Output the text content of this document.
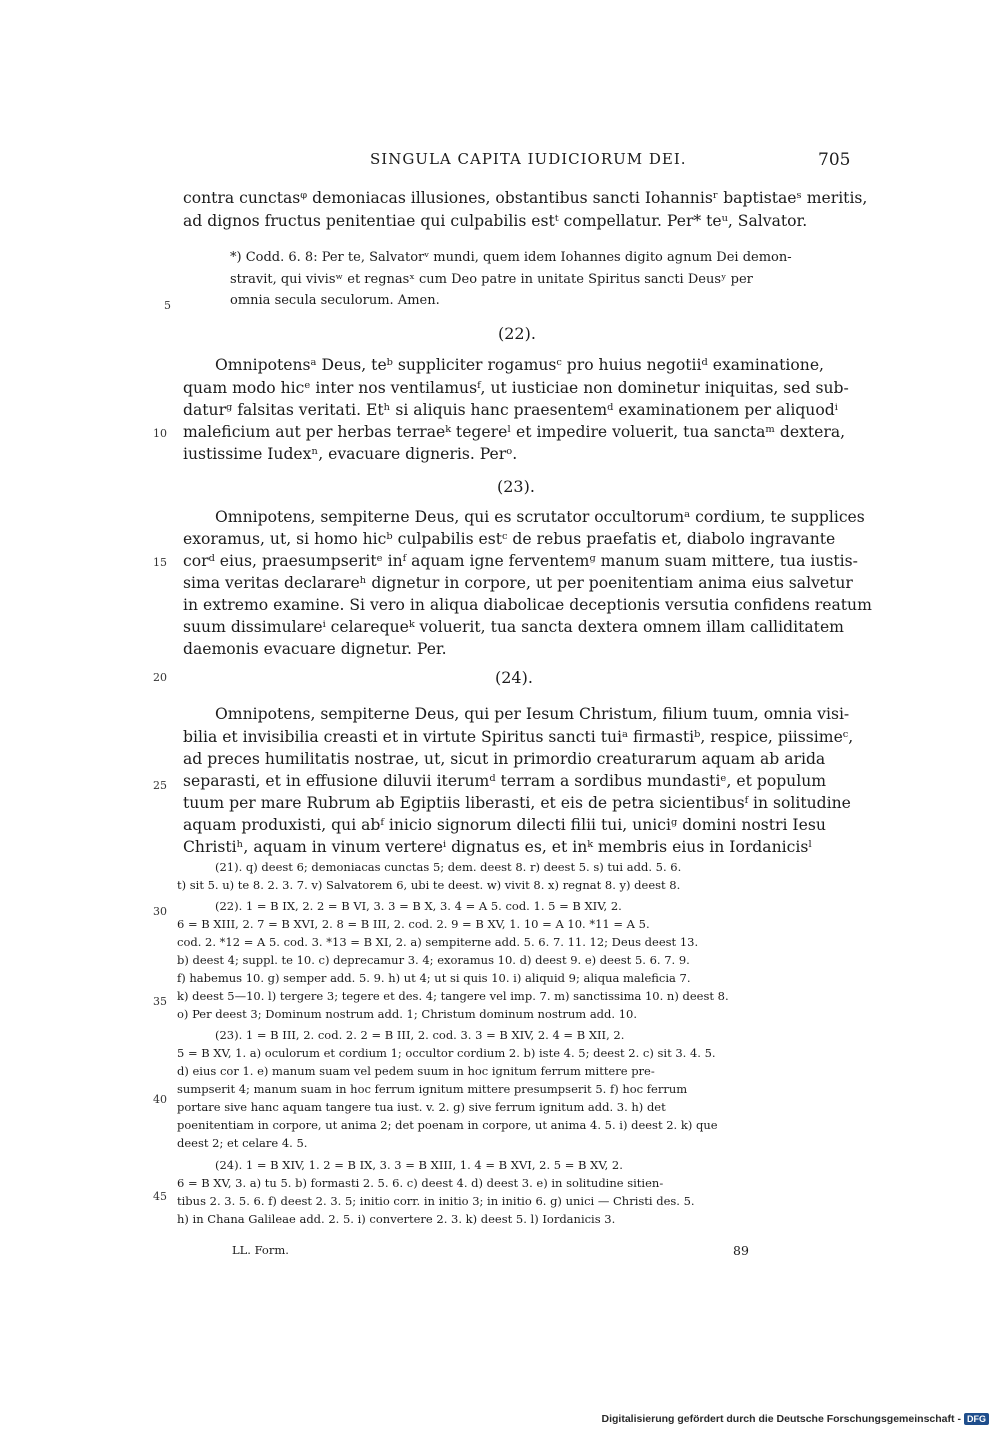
SINGULA CAPITA IUDICIORUM DEI.	705
contra cunctasᵠ demoniacas illusiones, obstantibus sancti Iohannisʳ baptistaeˢ meritis,
ad dignos fructus penitentiae qui culpabilis estᵗ compellatur. Per* teᵘ, Salvator.
*) Codd. 6. 8: Per te, Salvatorᵛ mundi, quem idem Iohannes digito agnum Dei demon-
stravit, qui vivisʷ et regnasˣ cum Deo patre in unitate Spiritus sancti Deusʸ per
omnia secula seculorum. Amen.
(22).
Omnipotensᵃ Deus, teᵇ suppliciter rogamusᶜ pro huius negotiiᵈ examinatione,
quam modo hicᵉ inter nos ventilamusᶠ, ut iusticiae non dominetur iniquitas, sed sub-
daturᵍ falsitas veritati. Etʰ si aliquis hanc praesentemᵈ examinationem per aliquodⁱ
maleficium aut per herbas terraeᵏ tegereˡ et impedire voluerit, tua sanctaᵐ dextera,
iustissime Iudexⁿ, evacuare digneris. Perᵒ.
(23).
Omnipotens, sempiterne Deus, qui es scrutator occultorumᵃ cordium, te supplices
exoramus, ut, si homo hicᵇ culpabilis estᶜ de rebus praefatis et, diabolo ingravante
corᵈ eius, praesumpseritᵉ inᶠ aquam igne ferventemᵍ manum suam mittere, tua iustis-
sima veritas declarareʰ dignetur in corpore, ut per poenitentiam anima eius salvetur
in extremo examine. Si vero in aliqua diabolicae deceptionis versutia confidens reatum
suum dissimulareⁱ celarequeᵏ voluerit, tua sancta dextera omnem illam calliditatem
daemonis evacuare dignetur. Per.
(24).
Omnipotens, sempiterne Deus, qui per Iesum Christum, filium tuum, omnia visi-
bilia et invisibilia creasti et in virtute Spiritus sancti tuiᵃ firmastiᵇ, respice, piissimeᶜ,
ad preces humilitatis nostrae, ut, sicut in primordio creaturarum aquam ab arida
separasti, et in effusione diluvii iterumᵈ terram a sordibus mundastiᵉ, et populum
tuum per mare Rubrum ab Egiptiis liberasti, et eis de petra sicientibusᶠ in solitudine
aquam produxisti, qui abᶠ inicio signorum dilecti filii tui, uniciᵍ domini nostri Iesu
Christiʰ, aquam in vinum vertereⁱ dignatus es, et inᵏ membris eius in Iordanicisˡ
5
10
15
20
25
30
35
40
45
(21). q) deest 6; demoniacas cunctas 5; dem. deest 8. r) deest 5. s) tui add. 5. 6.
t) sit 5. u) te 8. 2. 3. 7. v) Salvatorem 6, ubi te deest. w) vivit 8. x) regnat 8. y) deest 8.
(22). 1 = B IX, 2. 2 = B VI, 3. 3 = B X, 3. 4 = A 5. cod. 1. 5 = B XIV, 2.
6 = B XIII, 2. 7 = B XVI, 2. 8 = B III, 2. cod. 2. 9 = B XV, 1. 10 = A 10. *11 = A 5.
cod. 2. *12 = A 5. cod. 3. *13 = B XI, 2. a) sempiterne add. 5. 6. 7. 11. 12; Deus deest 13.
b) deest 4; suppl. te 10. c) deprecamur 3. 4; exoramus 10. d) deest 9. e) deest 5. 6. 7. 9.
f) habemus 10. g) semper add. 5. 9. h) ut 4; ut si quis 10. i) aliquid 9; aliqua maleficia 7.
k) deest 5—10. l) tergere 3; tegere et des. 4; tangere vel imp. 7. m) sanctissima 10. n) deest 8.
o) Per deest 3; Dominum nostrum add. 1; Christum dominum nostrum add. 10.
(23). 1 = B III, 2. cod. 2. 2 = B III, 2. cod. 3. 3 = B XIV, 2. 4 = B XII, 2.
5 = B XV, 1. a) oculorum et cordium 1; occultor cordium 2. b) iste 4. 5; deest 2. c) sit 3. 4. 5.
d) eius cor 1. e) manum suam vel pedem suum in hoc ignitum ferrum mittere pre-
sumpserit 4; manum suam in hoc ferrum ignitum mittere presumpserit 5. f) hoc ferrum
portare sive hanc aquam tangere tua iust. v. 2. g) sive ferrum ignitum add. 3. h) det
poenitentiam in corpore, ut anima 2; det poenam in corpore, ut anima 4. 5. i) deest 2. k) que
deest 2; et celare 4. 5.
(24). 1 = B XIV, 1. 2 = B IX, 3. 3 = B XIII, 1. 4 = B XVI, 2. 5 = B XV, 2.
6 = B XV, 3. a) tu 5. b) formasti 2. 5. 6. c) deest 4. d) deest 3. e) in solitudine sitien-
tibus 2. 3. 5. 6. f) deest 2. 3. 5; initio corr. in initio 3; in initio 6. g) unici — Christi des. 5.
h) in Chana Galileae add. 2. 5. i) convertere 2. 3. k) deest 5. l) Iordanicis 3.
LL. Form.	89
Digitalisierung gefördert durch die Deutsche Forschungsgemeinschaft - DFG
